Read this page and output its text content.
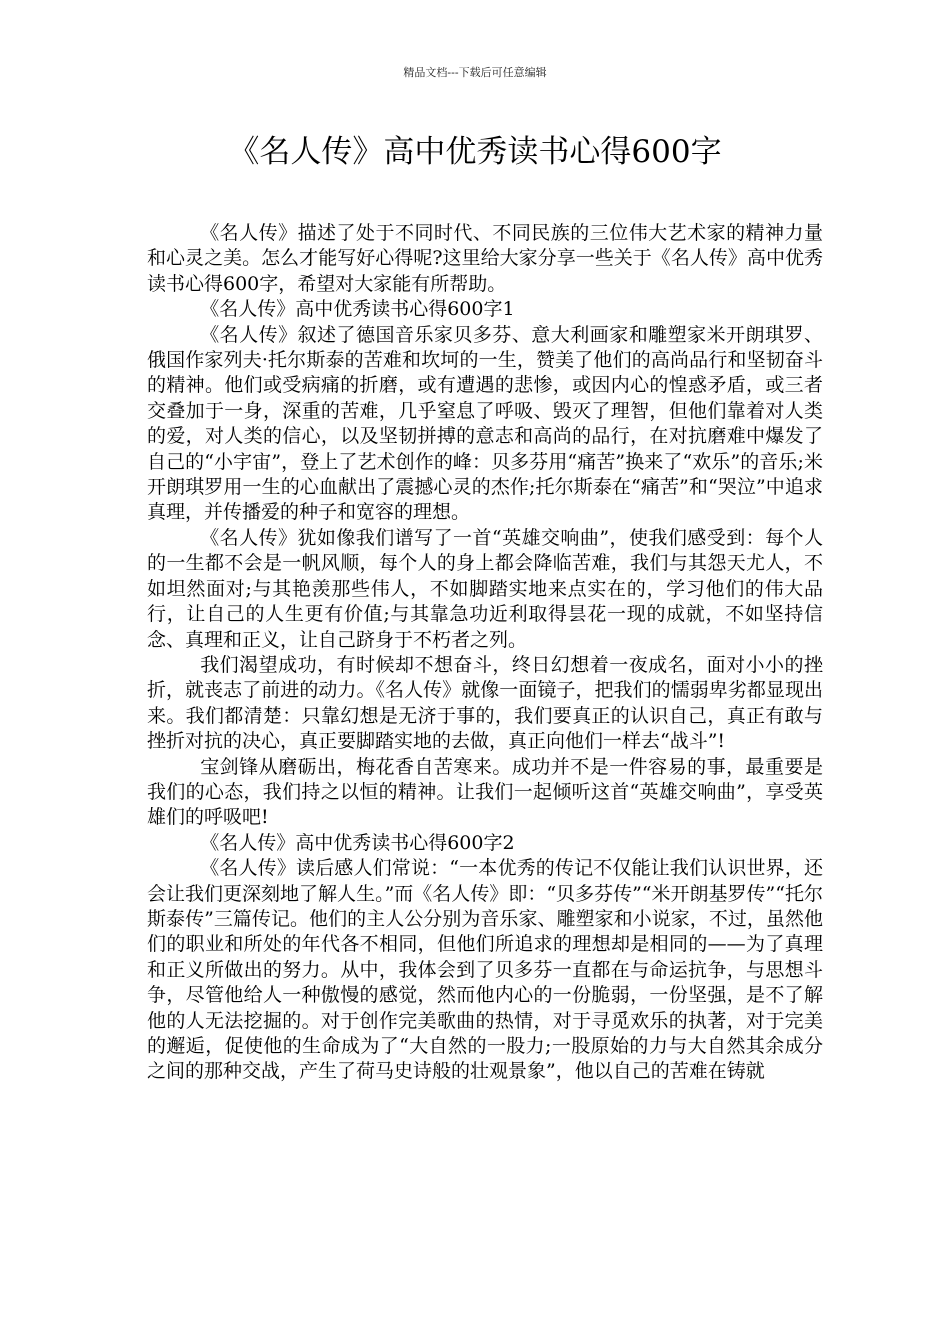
精品文档---下载后可任意编辑
《名人传》高中优秀读书心得600字

《名人传》描述了处于不同时代、不同民族的三位伟大艺术家的精神力量和心灵之美。怎么才能写好心得呢?这里给大家分享一些关于《名人传》高中优秀读书心得600字，希望对大家能有所帮助。

《名人传》高中优秀读书心得600字1

《名人传》叙述了德国音乐家贝多芬、意大利画家和雕塑家米开朗琪罗、俄国作家列夫·托尔斯泰的苦难和坎坷的一生，赞美了他们的高尚品行和坚韧奋斗的精神。他们或受病痛的折磨，或有遭遇的悲惨，或因内心的惶惑矛盾，或三者交叠加于一身，深重的苦难，几乎窒息了呼吸、毁灭了理智，但他们靠着对人类的爱，对人类的信心，以及坚韧拼搏的意志和高尚的品行，在对抗磨难中爆发了自己的“小宇宙”，登上了艺术创作的峰：贝多芬用“痛苦”换来了“欢乐”的音乐;米开朗琪罗用一生的心血献出了震撼心灵的杰作;托尔斯泰在“痛苦”和“哭泣”中追求真理，并传播爱的种子和宽容的理想。

《名人传》犹如像我们谱写了一首“英雄交响曲”，使我们感受到：每个人的一生都不会是一帆风顺，每个人的身上都会降临苦难，我们与其怨天尤人，不如坦然面对;与其艳羡那些伟人，不如脚踏实地来点实在的，学习他们的伟大品行，让自己的人生更有价值;与其靠急功近利取得昙花一现的成就，不如坚持信念、真理和正义，让自己跻身于不朽者之列。

我们渴望成功，有时候却不想奋斗，终日幻想着一夜成名，面对小小的挫折，就丧志了前进的动力。《名人传》就像一面镜子，把我们的懦弱卑劣都显现出来。我们都清楚：只靠幻想是无济于事的，我们要真正的认识自己，真正有敢与挫折对抗的决心，真正要脚踏实地的去做，真正向他们一样去“战斗”!

宝剑锋从磨砺出，梅花香自苦寒来。成功并不是一件容易的事，最重要是我们的心态，我们持之以恒的精神。让我们一起倾听这首“英雄交响曲”，享受英雄们的呼吸吧!

《名人传》高中优秀读书心得600字2

《名人传》读后感人们常说：“一本优秀的传记不仅能让我们认识世界，还会让我们更深刻地了解人生。”而《名人传》即：“贝多芬传”“米开朗基罗传”“托尔斯泰传”三篇传记。他们的主人公分别为音乐家、雕塑家和小说家，不过，虽然他们的职业和所处的年代各不相同，但他们所追求的理想却是相同的——为了真理和正义所做出的努力。从中，我体会到了贝多芬一直都在与命运抗争，与思想斗争，尽管他给人一种傲慢的感觉，然而他内心的一份脆弱，一份坚强，是不了解他的人无法挖掘的。对于创作完美歌曲的热情，对于寻觅欢乐的执著，对于完美的邂逅，促使他的生命成为了“大自然的一股力;一股原始的力与大自然其余成分之间的那种交战，产生了荷马史诗般的壮观景象”，他以自己的苦难在铸就
